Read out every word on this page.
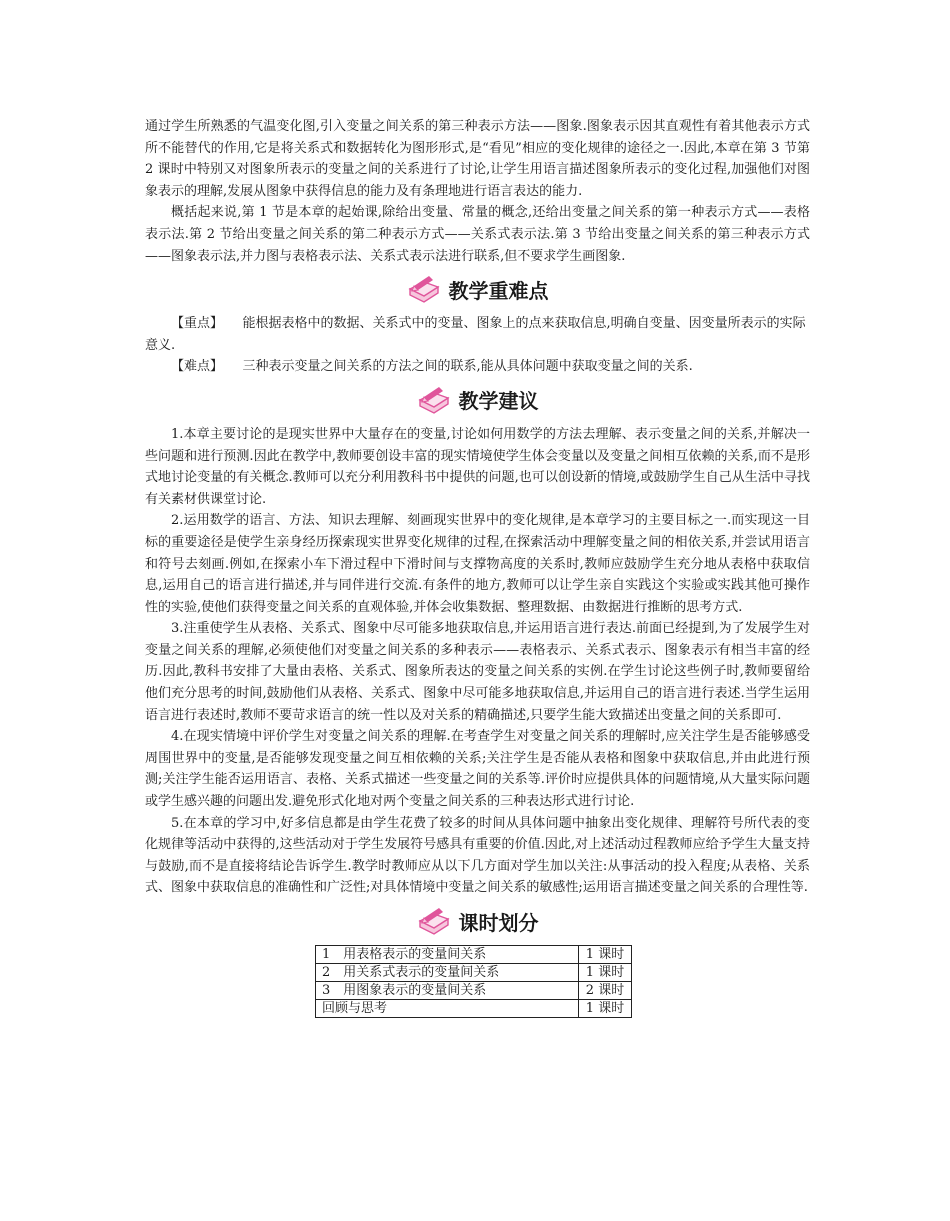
通过学生所熟悉的气温变化图,引入变量之间关系的第三种表示方法——图象.图象表示因其直观性有着其他表示方式所不能替代的作用,它是将关系式和数据转化为图形形式,是“看见”相应的变化规律的途径之一.因此,本章在第 3 节第 2 课时中特别又对图象所表示的变量之间的关系进行了讨论,让学生用语言描述图象所表示的变化过程,加强他们对图象表示的理解,发展从图象中获得信息的能力及有条理地进行语言表达的能力.

概括起来说,第 1 节是本章的起始课,除给出变量、常量的概念,还给出变量之间关系的第一种表示方式——表格表示法.第 2 节给出变量之间关系的第二种表示方式——关系式表示法.第 3 节给出变量之间关系的第三种表示方式——图象表示法,并力图与表格表示法、关系式表示法进行联系,但不要求学生画图象.

教学重难点
【重点】 能根据表格中的数据、关系式中的变量、图象上的点来获取信息,明确自变量、因变量所表示的实际意义.
【难点】 三种表示变量之间关系的方法之间的联系,能从具体问题中获取变量之间的关系.
教学建议

1.本章主要讨论的是现实世界中大量存在的变量,讨论如何用数学的方法去理解、表示变量之间的关系,并解决一些问题和进行预测.因此在教学中,教师要创设丰富的现实情境使学生体会变量以及变量之间相互依赖的关系,而不是形式地讨论变量的有关概念.教师可以充分利用教科书中提供的问题,也可以创设新的情境,或鼓励学生自己从生活中寻找有关素材供课堂讨论.

2.运用数学的语言、方法、知识去理解、刻画现实世界中的变化规律,是本章学习的主要目标之一.而实现这一目标的重要途径是使学生亲身经历探索现实世界变化规律的过程,在探索活动中理解变量之间的相依关系,并尝试用语言和符号去刻画.例如,在探索小车下滑过程中下滑时间与支撑物高度的关系时,教师应鼓励学生充分地从表格中获取信息,运用自己的语言进行描述,并与同伴进行交流.有条件的地方,教师可以让学生亲自实践这个实验或实践其他可操作性的实验,使他们获得变量之间关系的直观体验,并体会收集数据、整理数据、由数据进行推断的思考方式.

3.注重使学生从表格、关系式、图象中尽可能多地获取信息,并运用语言进行表达.前面已经提到,为了发展学生对变量之间关系的理解,必须使他们对变量之间关系的多种表示——表格表示、关系式表示、图象表示有相当丰富的经历.因此,教科书安排了大量由表格、关系式、图象所表达的变量之间关系的实例.在学生讨论这些例子时,教师要留给他们充分思考的时间,鼓励他们从表格、关系式、图象中尽可能多地获取信息,并运用自己的语言进行表述.当学生运用语言进行表述时,教师不要苛求语言的统一性以及对关系的精确描述,只要学生能大致描述出变量之间的关系即可.

4.在现实情境中评价学生对变量之间关系的理解.在考查学生对变量之间关系的理解时,应关注学生是否能够感受周围世界中的变量,是否能够发现变量之间互相依赖的关系;关注学生是否能从表格和图象中获取信息,并由此进行预测;关注学生能否运用语言、表格、关系式描述一些变量之间的关系等.评价时应提供具体的问题情境,从大量实际问题或学生感兴趣的问题出发.避免形式化地对两个变量之间关系的三种表达形式进行讨论.

5.在本章的学习中,好多信息都是由学生花费了较多的时间从具体问题中抽象出变化规律、理解符号所代表的变化规律等活动中获得的,这些活动对于学生发展符号感具有重要的价值.因此,对上述活动过程教师应给予学生大量支持与鼓励,而不是直接将结论告诉学生.教学时教师应从以下几方面对学生加以关注:从事活动的投入程度;从表格、关系式、图象中获取信息的准确性和广泛性;对具体情境中变量之间关系的敏感性;运用语言描述变量之间关系的合理性等.

课时划分
1　用表格表示的变量间关系	1 课时
2　用关系式表示的变量间关系	1 课时
3　用图象表示的变量间关系	2 课时
回顾与思考	1 课时
